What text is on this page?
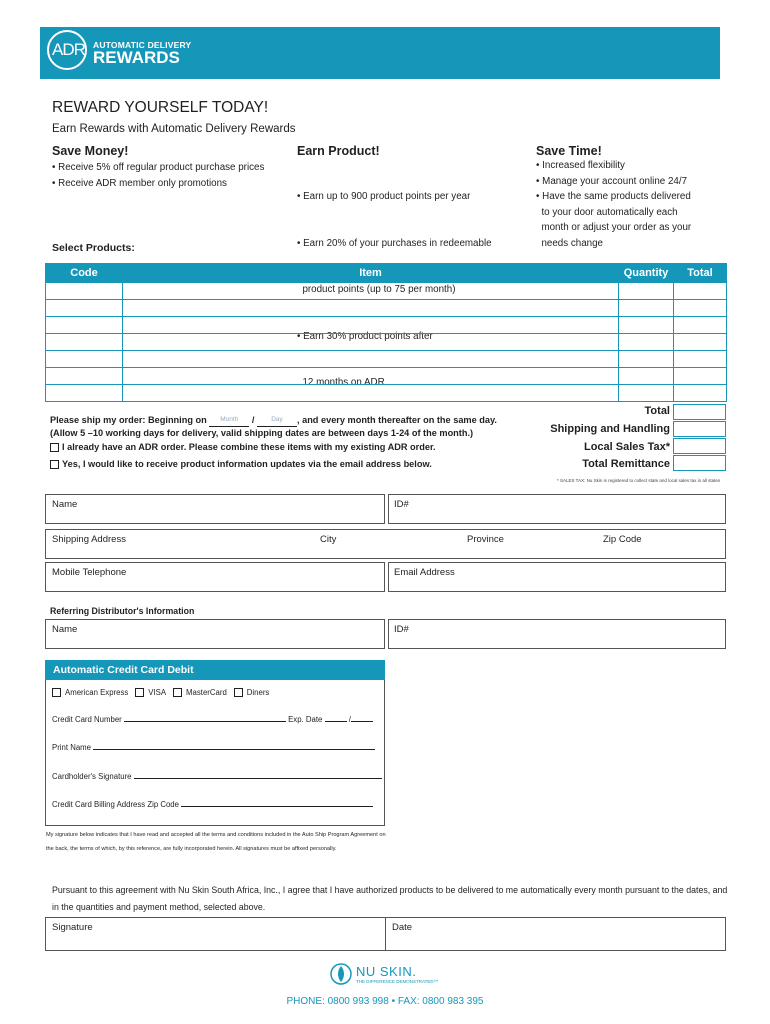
ADR AUTOMATIC DELIVERY
REWARDS
REWARD YOURSELF TODAY!
Earn Rewards with Automatic Delivery Rewards
Save Money!
• Receive 5% off regular product purchase prices
• Receive ADR member only promotions
Earn Product!

• Earn up to 900 product points per year

• Earn 20% of your purchases in redeemable

product points (up to 75 per month)

• Earn 30% product points after

12 months on ADR

Save Time!
• Increased flexibility
• Manage your account online 24/7
• Have the same products delivered
to your door automatically each
month or adjust your order as your
needs change
Select Products:
Code	Item	Quantity	Total

Please ship my order: Beginning on Month /	Day , and every month thereafter on the same day.
(Allow 5 –10 working days for delivery, valid shipping dates are between days 1-24 of the month.)
I already have an ADR order. Please combine these items with my existing ADR order.
Yes, I would like to receive product information updates via the email address below.
Total
Shipping and Handling
Local Sales Tax*
Total Remittance
* SALES TAX: Nu Skin is registered to collect state and local sales tax in all states
Name	ID#
Shipping Address	City	Province	Zip Code
Mobile Telephone	Email Address
Referring Distributor's Information
Name	ID#
Automatic Credit Card Debit
American Express	VISA	MasterCard	Diners
Credit Card Number	Exp. Date	/
Print Name
Cardholder's Signature
Credit Card Billing Address Zip Code
My signature below indicates that I have read and accepted all the terms and conditions included in the Auto Ship Program Agreement on the back, the terms of which, by this reference, are fully incorporated herein. All signatures must be affixed personally.
Pursuant to this agreement with Nu Skin South Africa, Inc., I agree that I have authorized products to be delivered to me automatically every month pursuant to the dates, and in the quantities and payment method, selected above.
Signature	Date
NU SKIN.
THE DIFFERENCE DEMONSTRATED™
PHONE: 0800 993 998 • FAX: 0800 983 395
